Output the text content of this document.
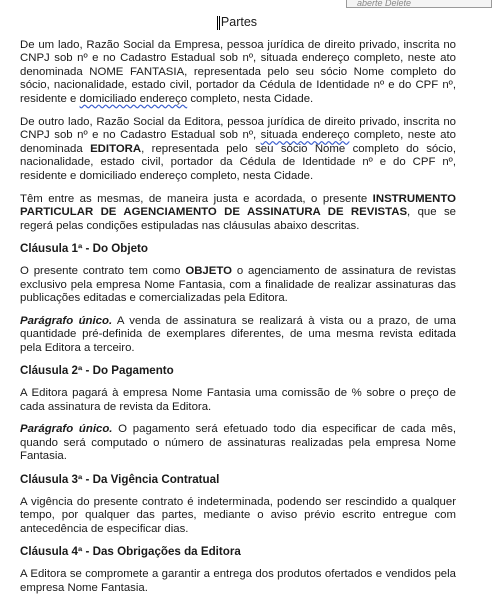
aberte Delete
Partes

De um lado, Razão Social da Empresa, pessoa jurídica de direito privado, inscrita no CNPJ sob nº e no Cadastro Estadual sob nº, situada endereço completo, neste ato denominada NOME FANTASIA, representada pelo seu sócio Nome completo do sócio, nacionalidade, estado civil, portador da Cédula de Identidade nº e do CPF nº, residente e domiciliado endereço completo, nesta Cidade.

De outro lado, Razão Social da Editora, pessoa jurídica de direito privado, inscrita no CNPJ sob nº e no Cadastro Estadual sob nº, situada endereço completo, neste ato denominada EDITORA, representada pelo seu sócio Nome completo do sócio, nacionalidade, estado civil, portador da Cédula de Identidade nº e do CPF nº, residente e domiciliado endereço completo, nesta Cidade.

Têm entre as mesmas, de maneira justa e acordada, o presente INSTRUMENTO PARTICULAR DE AGENCIAMENTO DE ASSINATURA DE REVISTAS, que se regerá pelas condições estipuladas nas cláusulas abaixo descritas.

Cláusula 1ª - Do Objeto

O presente contrato tem como OBJETO o agenciamento de assinatura de revistas exclusivo pela empresa Nome Fantasia, com a finalidade de realizar assinaturas das publicações editadas e comercializadas pela Editora.

Parágrafo único. A venda de assinatura se realizará à vista ou a prazo, de uma quantidade pré-definida de exemplares diferentes, de uma mesma revista editada pela Editora a terceiro.

Cláusula 2ª - Do Pagamento

A Editora pagará à empresa Nome Fantasia uma comissão de % sobre o preço de cada assinatura de revista da Editora.

Parágrafo único. O pagamento será efetuado todo dia especificar de cada mês, quando será computado o número de assinaturas realizadas pela empresa Nome Fantasia.

Cláusula 3ª - Da Vigência Contratual

A vigência do presente contrato é indeterminada, podendo ser rescindido a qualquer tempo, por qualquer das partes, mediante o aviso prévio escrito entregue com antecedência de especificar dias.

Cláusula 4ª - Das Obrigações da Editora

A Editora se compromete a garantir a entrega dos produtos ofertados e vendidos pela empresa Nome Fantasia.
